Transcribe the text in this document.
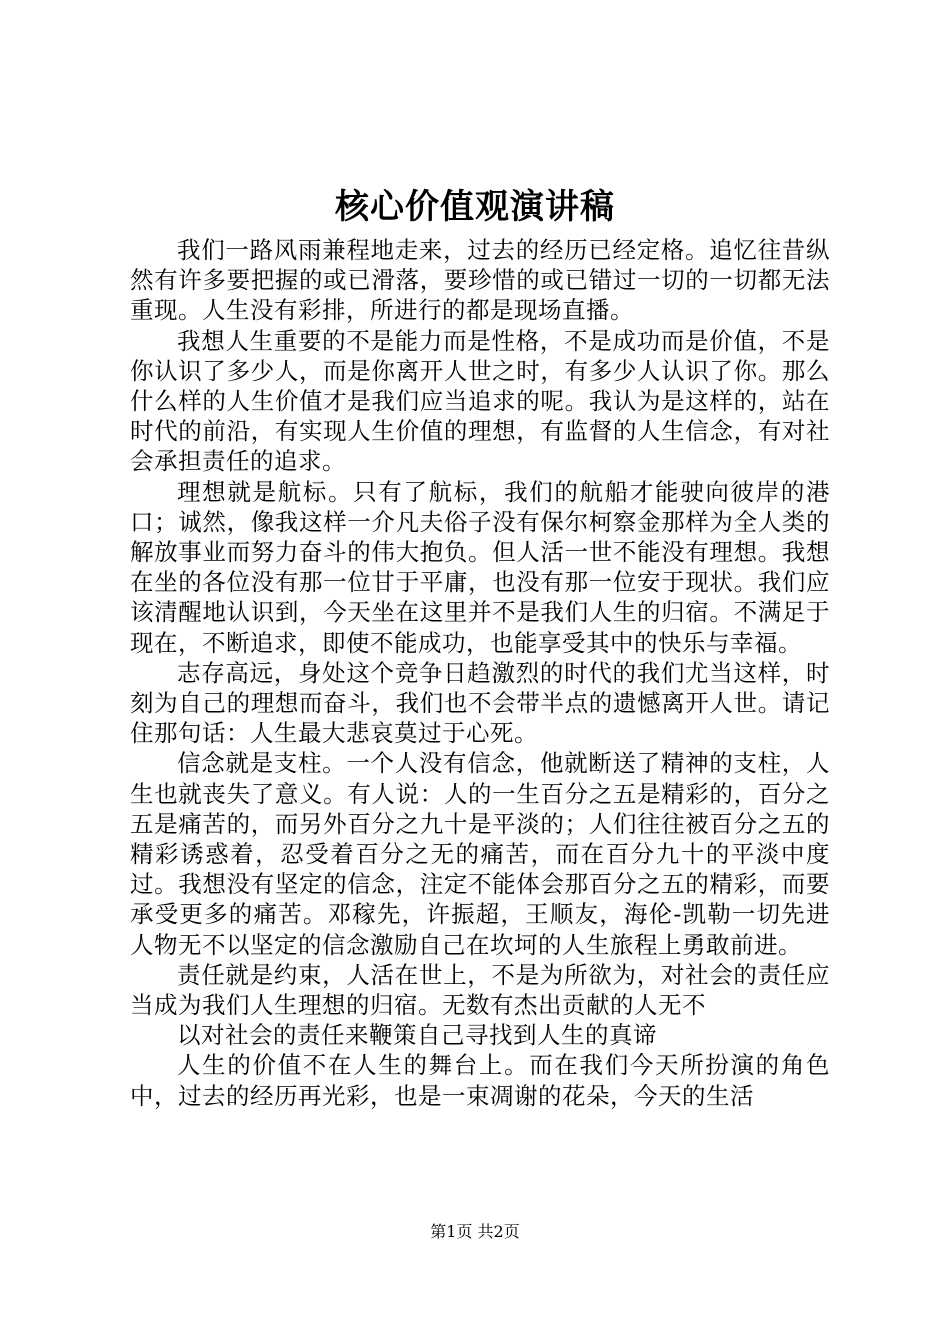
核心价值观演讲稿

我们一路风雨兼程地走来，过去的经历已经定格。追忆往昔纵然有许多要把握的或已滑落，要珍惜的或已错过一切的一切都无法重现。人生没有彩排，所进行的都是现场直播。

我想人生重要的不是能力而是性格，不是成功而是价值，不是你认识了多少人，而是你离开人世之时，有多少人认识了你。那么什么样的人生价值才是我们应当追求的呢。我认为是这样的，站在时代的前沿，有实现人生价值的理想，有监督的人生信念，有对社会承担责任的追求。

理想就是航标。只有了航标，我们的航船才能驶向彼岸的港口；诚然，像我这样一介凡夫俗子没有保尔柯察金那样为全人类的解放事业而努力奋斗的伟大抱负。但人活一世不能没有理想。我想在坐的各位没有那一位甘于平庸，也没有那一位安于现状。我们应该清醒地认识到，今天坐在这里并不是我们人生的归宿。不满足于现在，不断追求，即使不能成功，也能享受其中的快乐与幸福。

志存高远，身处这个竞争日趋激烈的时代的我们尤当这样，时刻为自己的理想而奋斗，我们也不会带半点的遗憾离开人世。请记住那句话：人生最大悲哀莫过于心死。

信念就是支柱。一个人没有信念，他就断送了精神的支柱，人生也就丧失了意义。有人说：人的一生百分之五是精彩的，百分之五是痛苦的，而另外百分之九十是平淡的；人们往往被百分之五的精彩诱惑着，忍受着百分之无的痛苦，而在百分九十的平淡中度过。我想没有坚定的信念，注定不能体会那百分之五的精彩，而要承受更多的痛苦。邓稼先，许振超，王顺友，海伦-凯勒一切先进人物无不以坚定的信念激励自己在坎坷的人生旅程上勇敢前进。

责任就是约束，人活在世上，不是为所欲为，对社会的责任应当成为我们人生理想的归宿。无数有杰出贡献的人无不

以对社会的责任来鞭策自己寻找到人生的真谛

人生的价值不在人生的舞台上。而在我们今天所扮演的角色中，过去的经历再光彩，也是一束凋谢的花朵，今天的生活

第1页 共2页
